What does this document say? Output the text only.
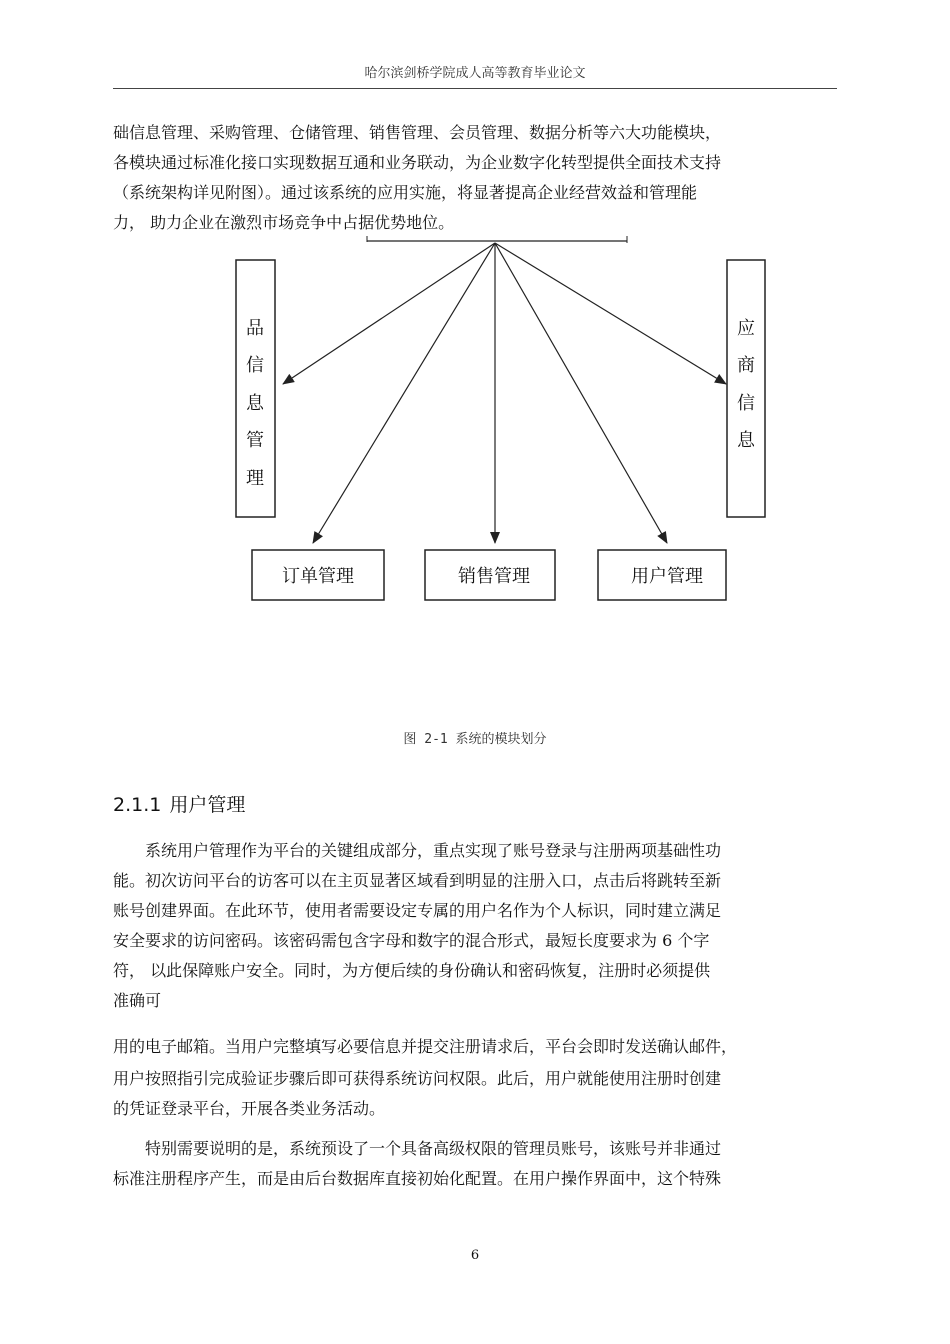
哈尔滨剑桥学院成人高等教育毕业论文
础信息管理、采购管理、仓储管理、销售管理、会员管理、数据分析等六大功能模块，
各模块通过标准化接口实现数据互通和业务联动，为企业数字化转型提供全面技术支持
（系统架构详见附图）。通过该系统的应用实施，将显著提高企业经营效益和管理能
力， 助力企业在激烈市场竞争中占据优势地位。
品
信
息
管
理
应
商
信
息
订单管理	销售管理	用户管理
图 2-1 系统的模块划分
2.1.1 用户管理
　　系统用户管理作为平台的关键组成部分，重点实现了账号登录与注册两项基础性功
能。初次访问平台的访客可以在主页显著区域看到明显的注册入口，点击后将跳转至新
账号创建界面。在此环节，使用者需要设定专属的用户名作为个人标识，同时建立满足
安全要求的访问密码。该密码需包含字母和数字的混合形式，最短长度要求为 6 个字
符， 以此保障账户安全。同时，为方便后续的身份确认和密码恢复，注册时必须提供
准确可
用的电子邮箱。当用户完整填写必要信息并提交注册请求后，平台会即时发送确认邮件，
用户按照指引完成验证步骤后即可获得系统访问权限。此后，用户就能使用注册时创建
的凭证登录平台，开展各类业务活动。
　　特别需要说明的是，系统预设了一个具备高级权限的管理员账号，该账号并非通过
标准注册程序产生，而是由后台数据库直接初始化配置。在用户操作界面中，这个特殊
6
